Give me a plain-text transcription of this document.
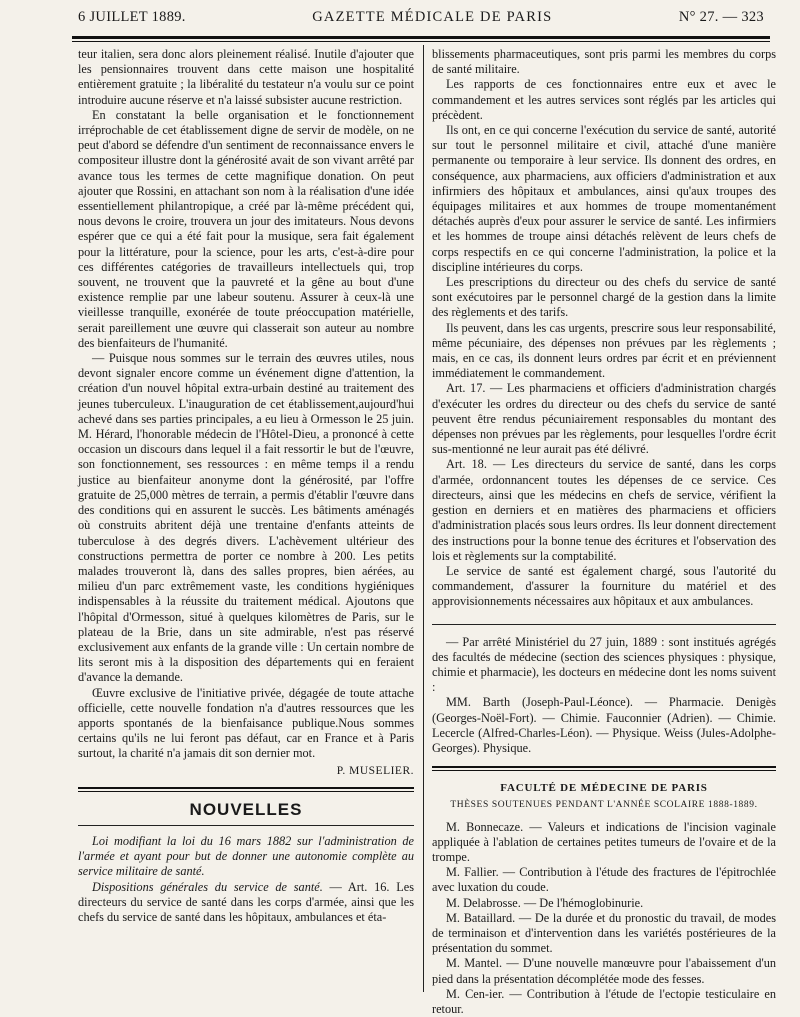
6 JUILLET 1889.	GAZETTE MÉDICALE DE PARIS	N° 27. — 323

teur italien, sera donc alors pleinement réalisé. Inutile d'ajouter que les pensionnaires trouvent dans cette maison une hospitalité entièrement gratuite ; la libéralité du testateur n'a voulu sur ce point introduire aucune réserve et n'a laissé subsister aucune restriction.

En constatant la belle organisation et le fonctionnement irréprochable de cet établissement digne de servir de modèle, on ne peut d'abord se défendre d'un sentiment de reconnaissance envers le compositeur illustre dont la générosité avait de son vivant arrêté par avance tous les termes de cette magnifique donation. On peut ajouter que Rossini, en attachant son nom à la réalisation d'une idée essentiellement philantropique, a créé par là-même précédent qui, nous devons le croire, trouvera un jour des imitateurs. Nous devons espérer que ce qui a été fait pour la musique, sera fait également pour la littérature, pour la science, pour les arts, c'est-à-dire pour ces différentes catégories de travailleurs intellectuels qui, trop souvent, ne trouvent que la pauvreté et la gêne au bout d'une existence remplie par une labeur soutenu. Assurer à ceux-là une vieillesse tranquille, exonérée de toute préoccupation matérielle, serait pareillement une œuvre qui classerait son auteur au nombre des bienfaiteurs de l'humanité.

— Puisque nous sommes sur le terrain des œuvres utiles, nous devont signaler encore comme un événement digne d'attention, la création d'un nouvel hôpital extra-urbain destiné au traitement des jeunes tuberculeux. L'inauguration de cet établissement,aujourd'hui achevé dans ses parties principales, a eu lieu à Ormesson le 25 juin. M. Hérard, l'honorable médecin de l'Hôtel-Dieu, a prononcé à cette occasion un discours dans lequel il a fait ressortir le but de l'œuvre, son fonctionnement, ses ressources : en même temps il a rendu justice au bienfaiteur anonyme dont la générosité, par l'offre gratuite de 25,000 mètres de terrain, a permis d'établir l'œuvre dans des conditions qui en assurent le succès. Les bâtiments aménagés où construits abritent déjà une trentaine d'enfants atteints de tuberculose à des degrés divers. L'achèvement ultérieur des constructions permettra de porter ce nombre à 200. Les petits malades trouveront là, dans des salles propres, bien aérées, au milieu d'un parc extrêmement vaste, les conditions hygiéniques indispensables à la réussite du traitement médical. Ajoutons que l'hôpital d'Ormesson, situé à quelques kilomètres de Paris, sur le plateau de la Brie, dans un site admirable, n'est pas réservé exclusivement aux enfants de la grande ville : Un certain nombre de lits seront mis à la disposition des départements qui en feraient d'avance la demande.

Œuvre exclusive de l'initiative privée, dégagée de toute attache officielle, cette nouvelle fondation n'a d'autres ressources que les apports spontanés de la bienfaisance publique.Nous sommes certains qu'ils ne lui feront pas défaut, car en France et à Paris surtout, la charité n'a jamais dit son dernier mot.

P. MUSELIER.
NOUVELLES

Loi modifiant la loi du 16 mars 1882 sur l'administration de l'armée et ayant pour but de donner une autonomie complète au service militaire de santé.

Dispositions générales du service de santé. — Art. 16. Les directeurs du service de santé dans les corps d'armée, ainsi que les chefs du service de santé dans les hôpitaux, ambulances et éta-

blissements pharmaceutiques, sont pris parmi les membres du corps de santé militaire.

Les rapports de ces fonctionnaires entre eux et avec le commandement et les autres services sont réglés par les articles qui précèdent.

Ils ont, en ce qui concerne l'exécution du service de santé, autorité sur tout le personnel militaire et civil, attaché d'une manière permanente ou temporaire à leur service. Ils donnent des ordres, en conséquence, aux pharmaciens, aux officiers d'administration et aux infirmiers des hôpitaux et ambulances, ainsi qu'aux troupes des équipages militaires et aux hommes de troupe momentanément détachés auprès d'eux pour assurer le service de santé. Les infirmiers et les hommes de troupe ainsi détachés relèvent de leurs chefs de corps respectifs en ce qui concerne l'administration, la police et la discipline intérieures du corps.

Les prescriptions du directeur ou des chefs du service de santé sont exécutoires par le personnel chargé de la gestion dans la limite des règlements et des tarifs.

Ils peuvent, dans les cas urgents, prescrire sous leur responsabilité, même pécuniaire, des dépenses non prévues par les règlements ; mais, en ce cas, ils donnent leurs ordres par écrit et en préviennent immédiatement le commandement.

Art. 17. — Les pharmaciens et officiers d'administration chargés d'exécuter les ordres du directeur ou des chefs du service de santé peuvent être rendus pécuniairement responsables du montant des dépenses non prévues par les règlements, pour lesquelles l'ordre écrit sus-mentionné ne leur aurait pas été délivré.

Art. 18. — Les directeurs du service de santé, dans les corps d'armée, ordonnancent toutes les dépenses de ce service. Ces directeurs, ainsi que les médecins en chefs de service, vérifient la gestion en derniers et en matières des pharmaciens et officiers d'administration placés sous leurs ordres. Ils leur donnent directement des instructions pour la bonne tenue des écritures et l'observation des lois et règlements sur la comptabilité.

Le service de santé est également chargé, sous l'autorité du commandement, d'assurer la fourniture du matériel et des approvisionnements nécessaires aux hôpitaux et aux ambulances.

— Par arrêté Ministériel du 27 juin, 1889 : sont institués agrégés des facultés de médecine (section des sciences physiques : physique, chimie et pharmacie), les docteurs en médecine dont les noms suivent :

MM. Barth (Joseph-Paul-Léonce). — Pharmacie. Denigès (Georges-Noël-Fort). — Chimie. Fauconnier (Adrien). — Chimie. Lecercle (Alfred-Charles-Léon). — Physique. Weiss (Jules-Adolphe-Georges). Physique.

FACULTÉ DE MÉDECINE DE PARIS
THÈSES SOUTENUES PENDANT L'ANNÉE SCOLAIRE 1888-1889.

M. Bonnecaze. — Valeurs et indications de l'incision vaginale appliquée à l'ablation de certaines petites tumeurs de l'ovaire et de la trompe.

M. Fallier. — Contribution à l'étude des fractures de l'épitrochlée avec luxation du coude.

M. Delabrosse. — De l'hémoglobinurie.

M. Bataillard. — De la durée et du pronostic du travail, de modes de terminaison et d'intervention dans les variétés postérieures de la présentation du sommet.

M. Mantel. — D'une nouvelle manœuvre pour l'abaissement d'un pied dans la présentation décomplétée mode des fesses.

M. Cen-ier. — Contribution à l'étude de l'ectopie testiculaire en retour.
